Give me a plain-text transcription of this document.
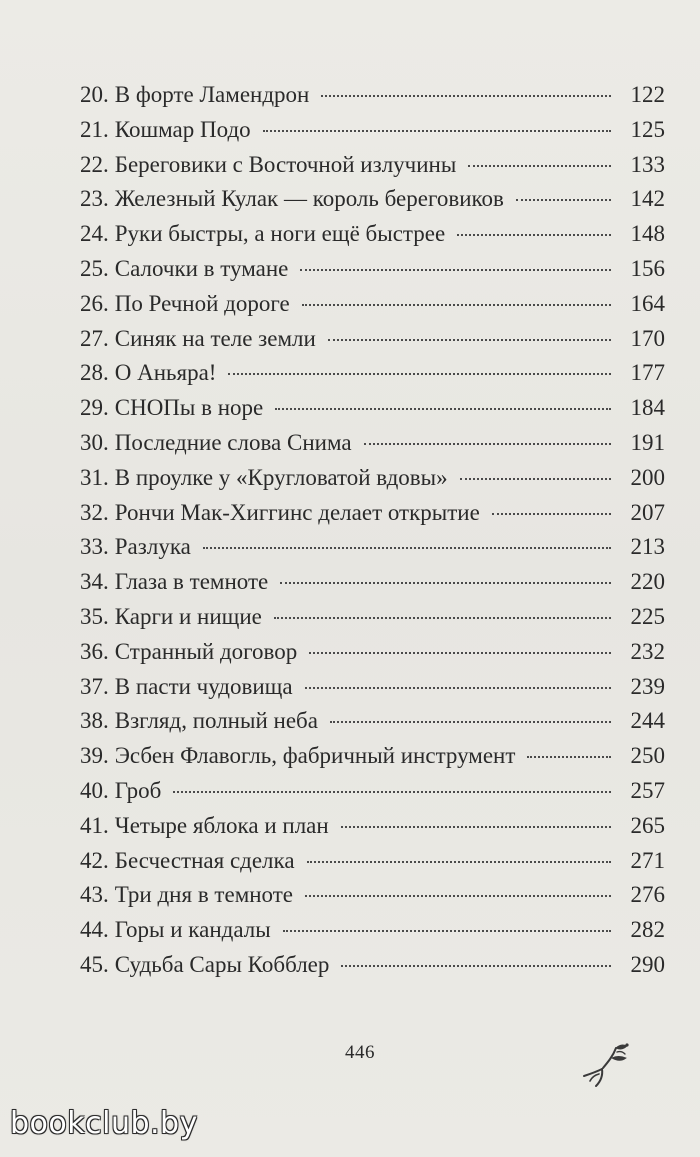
20. В форте Ламендрон	122
21. Кошмар Подо	125
22. Береговики с Восточной излучины	133
23. Железный Кулак — король береговиков	142
24. Руки быстры, а ноги ещё быстрее	148
25. Салочки в тумане	156
26. По Речной дороге	164
27. Синяк на теле земли	170
28. О Аньяра!	177
29. СНОПы в норе	184
30. Последние слова Снима	191
31. В проулке у «Кругловатой вдовы»	200
32. Рончи Мак-Хиггинс делает открытие	207
33. Разлука	213
34. Глаза в темноте	220
35. Карги и нищие	225
36. Странный договор	232
37. В пасти чудовища	239
38. Взгляд, полный неба	244
39. Эсбен Флавогль, фабричный инструмент	250
40. Гроб	257
41. Четыре яблока и план	265
42. Бесчестная сделка	271
43. Три дня в темноте	276
44. Горы и кандалы	282
45. Судьба Сары Кобблер	290
446
bookclub.by
